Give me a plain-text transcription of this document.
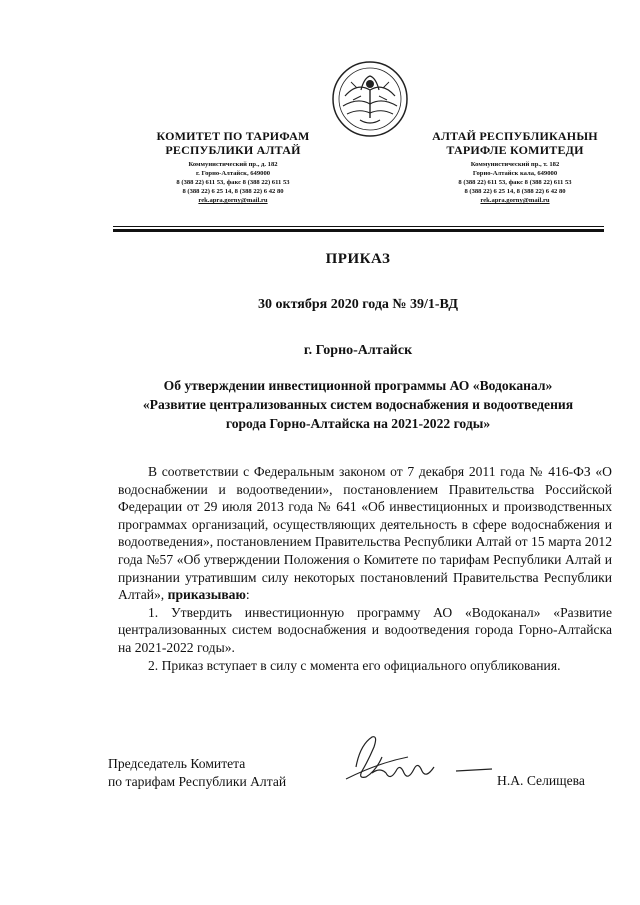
КОМИТЕТ ПО ТАРИФАМ
РЕСПУБЛИКИ АЛТАЙ
Коммунистический пр., д. 182
г. Горно-Алтайск, 649000
8 (388 22) 611 53, факс 8 (388 22) 611 53
8 (388 22) 6 25 14, 8 (388 22) 6 42 80
rek.apra.gorny@mail.ru
АЛТАЙ РЕСПУБЛИКАНЫН
ТАРИФЛЕ КОМИТЕДИ
Коммунистический пр., т. 182
Горно-Алтайск кала, 649000
8 (388 22) 611 53, факс 8 (388 22) 611 53
8 (388 22) 6 25 14, 8 (388 22) 6 42 80
rek.apra.gorny@mail.ru
ПРИКАЗ
30 октября 2020 года № 39/1-ВД
г. Горно-Алтайск
Об утверждении инвестиционной программы АО «Водоканал»
«Развитие централизованных систем водоснабжения и водоотведения
города Горно-Алтайска на 2021-2022 годы»

В соответствии с Федеральным законом от 7 декабря 2011 года № 416-ФЗ «О водоснабжении и водоотведении», постановлением Правительства Российской Федерации от 29 июля 2013 года № 641 «Об инвестиционных и производственных программах организаций, осуществляющих деятельность в сфере водоснабжения и водоотведения», постановлением Правительства Республики Алтай от 15 марта 2012 года №57 «Об утверждении Положения о Комитете по тарифам Республики Алтай и признании утратившим силу некоторых постановлений Правительства Республики Алтай», приказываю:

1. Утвердить инвестиционную программу АО «Водоканал» «Развитие централизованных систем водоснабжения и водоотведения города Горно-Алтайска на 2021-2022 годы».

2. Приказ вступает в силу с момента его официального опубликования.

Председатель Комитета
по тарифам Республики Алтай	Н.А. Селищева
